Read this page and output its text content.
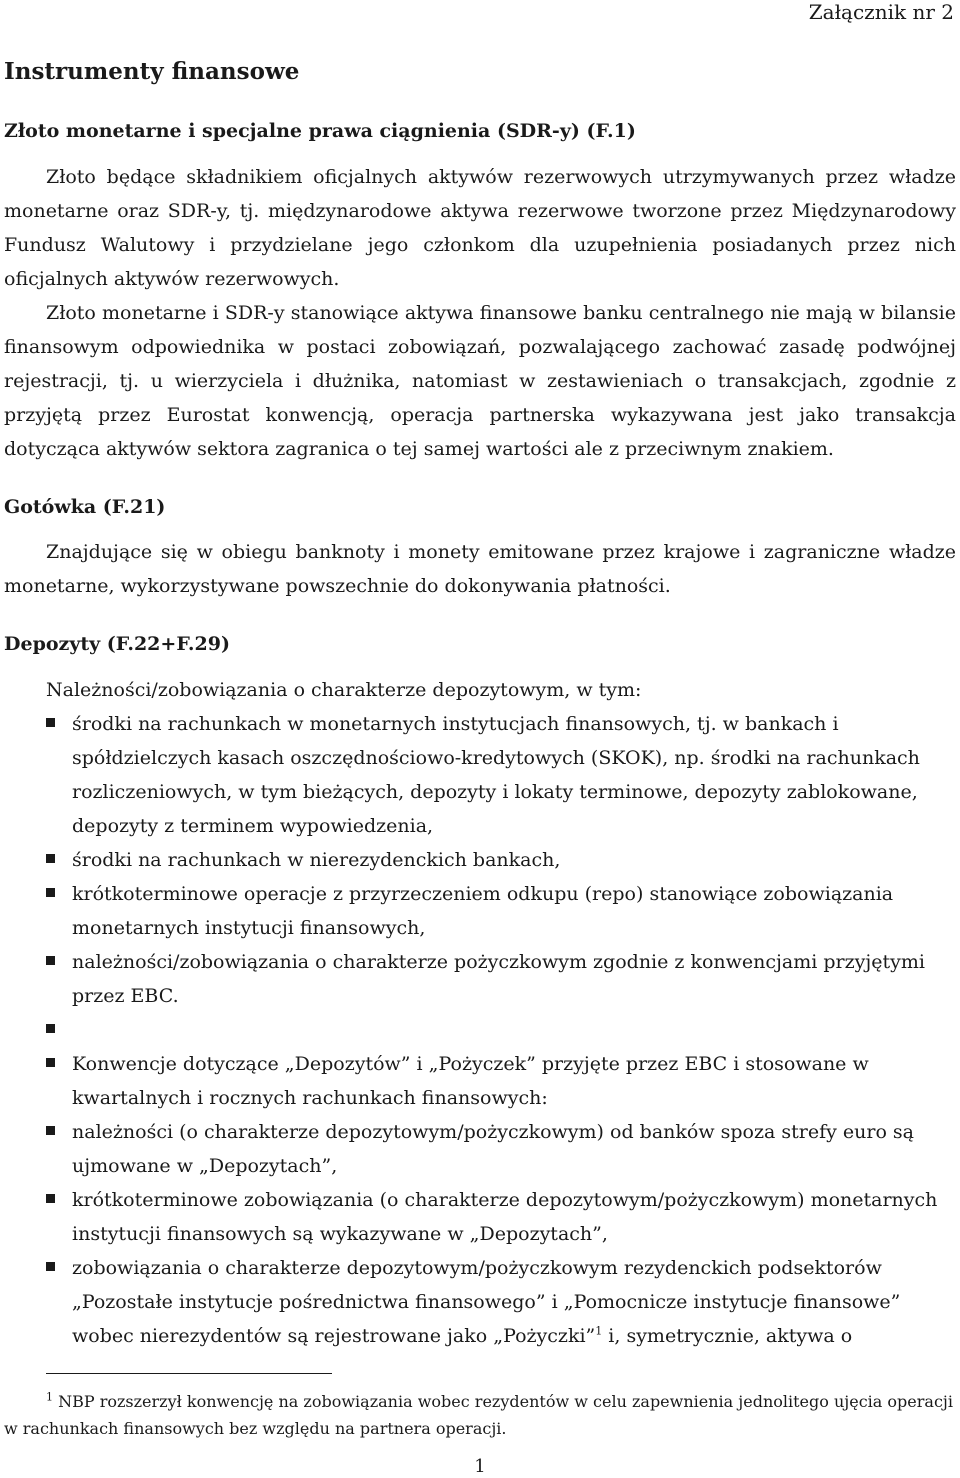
Załącznik nr 2
Instrumenty finansowe
Złoto monetarne i specjalne prawa ciągnienia (SDR-y) (F.1)

Złoto będące składnikiem oficjalnych aktywów rezerwowych utrzymywanych przez władze monetarne oraz SDR-y, tj. międzynarodowe aktywa rezerwowe tworzone przez Międzynarodowy Fundusz Walutowy i przydzielane jego członkom dla uzupełnienia posiadanych przez nich oficjalnych aktywów rezerwowych.

Złoto monetarne i SDR-y stanowiące aktywa finansowe banku centralnego nie mają w bilansie finansowym odpowiednika w postaci zobowiązań, pozwalającego zachować zasadę podwójnej rejestracji, tj. u wierzyciela i dłużnika, natomiast w zestawieniach o transakcjach, zgodnie z przyjętą przez Eurostat konwencją, operacja partnerska wykazywana jest jako transakcja dotycząca aktywów sektora zagranica o tej samej wartości ale z przeciwnym znakiem.

Gotówka (F.21)

Znajdujące się w obiegu banknoty i monety emitowane przez krajowe i zagraniczne władze monetarne, wykorzystywane powszechnie do dokonywania płatności.

Depozyty (F.22+F.29)

Należności/zobowiązania o charakterze depozytowym, w tym:

środki na rachunkach w monetarnych instytucjach finansowych, tj. w bankach i spółdzielczych kasach oszczędnościowo-kredytowych (SKOK), np. środki na rachunkach rozliczeniowych, w tym bieżących, depozyty i lokaty terminowe, depozyty zablokowane, depozyty z terminem wypowiedzenia,
środki na rachunkach w nierezydenckich bankach,
krótkoterminowe operacje z przyrzeczeniem odkupu (repo) stanowiące zobowiązania monetarnych instytucji finansowych,
należności/zobowiązania o charakterze pożyczkowym zgodnie z konwencjami przyjętymi przez EBC.
Konwencje dotyczące „Depozytów” i „Pożyczek” przyjęte przez EBC i stosowane w kwartalnych i rocznych rachunkach finansowych:
należności (o charakterze depozytowym/pożyczkowym) od banków spoza strefy euro są ujmowane w „Depozytach”,
krótkoterminowe zobowiązania (o charakterze depozytowym/pożyczkowym) monetarnych instytucji finansowych są wykazywane w „Depozytach”,
zobowiązania o charakterze depozytowym/pożyczkowym rezydenckich podsektorów „Pozostałe instytucje pośrednictwa finansowego” i „Pomocnicze instytucje finansowe” wobec nierezydentów są rejestrowane jako „Pożyczki”$^1$ i, symetrycznie, aktywa o

$^1$ NBP rozszerzył konwencję na zobowiązania wobec rezydentów w celu zapewnienia jednolitego ujęcia operacji w rachunkach finansowych bez względu na partnera operacji.

1
